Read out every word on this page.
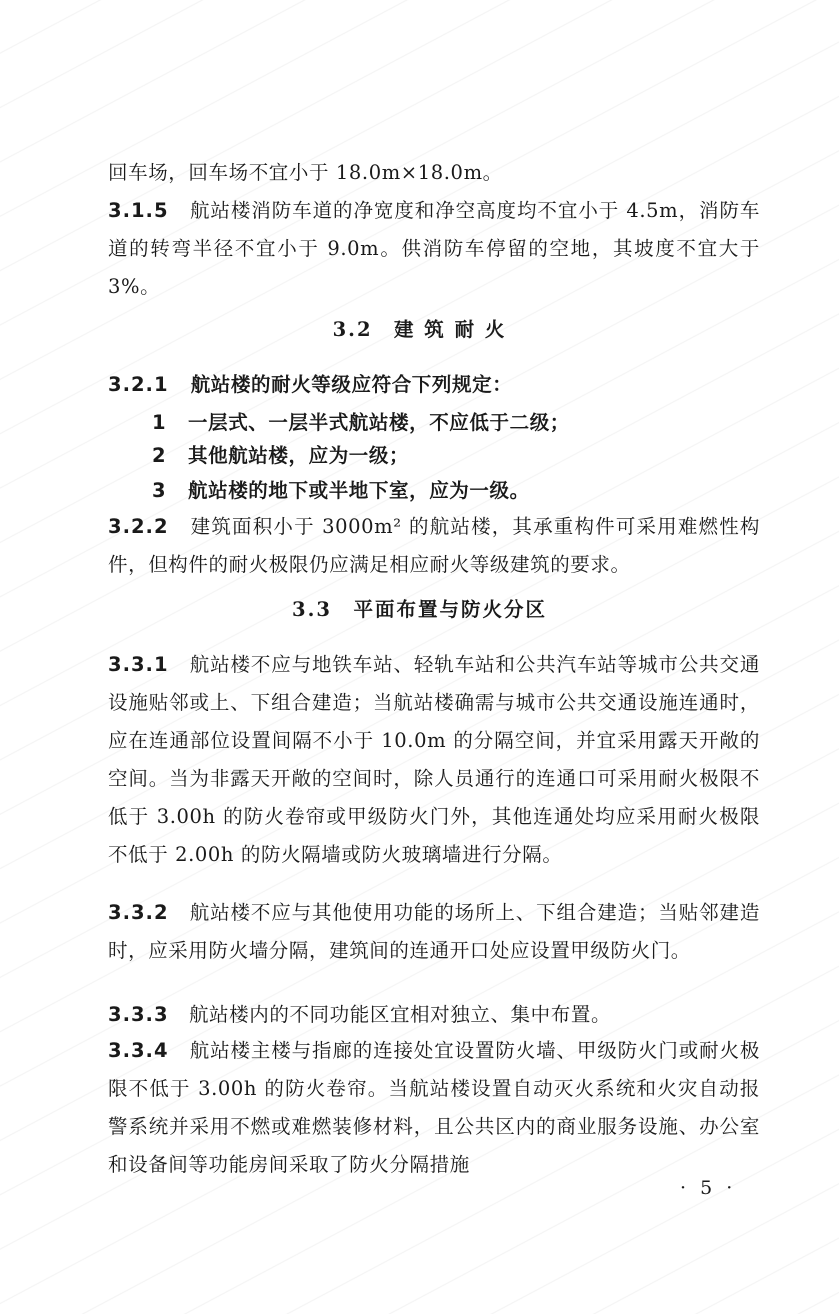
回车场，回车场不宜小于 18.0m×18.0m。

3.1.5 航站楼消防车道的净宽度和净空高度均不宜小于 4.5m，消防车道的转弯半径不宜小于 9.0m。供消防车停留的空地，其坡度不宜大于 3%。

3.2　建 筑 耐 火

3.2.1 航站楼的耐火等级应符合下列规定：

1 一层式、一层半式航站楼，不应低于二级；

2 其他航站楼，应为一级；

3 航站楼的地下或半地下室，应为一级。

3.2.2 建筑面积小于 3000m² 的航站楼，其承重构件可采用难燃性构件，但构件的耐火极限仍应满足相应耐火等级建筑的要求。

3.3　平面布置与防火分区

3.3.1 航站楼不应与地铁车站、轻轨车站和公共汽车站等城市公共交通设施贴邻或上、下组合建造；当航站楼确需与城市公共交通设施连通时，应在连通部位设置间隔不小于 10.0m 的分隔空间，并宜采用露天开敞的空间。当为非露天开敞的空间时，除人员通行的连通口可采用耐火极限不低于 3.00h 的防火卷帘或甲级防火门外，其他连通处均应采用耐火极限不低于 2.00h 的防火隔墙或防火玻璃墙进行分隔。

3.3.2 航站楼不应与其他使用功能的场所上、下组合建造；当贴邻建造时，应采用防火墙分隔，建筑间的连通开口处应设置甲级防火门。

3.3.3 航站楼内的不同功能区宜相对独立、集中布置。

3.3.4 航站楼主楼与指廊的连接处宜设置防火墙、甲级防火门或耐火极限不低于 3.00h 的防火卷帘。当航站楼设置自动灭火系统和火灾自动报警系统并采用不燃或难燃装修材料，且公共区内的商业服务设施、办公室和设备间等功能房间采取了防火分隔措施

· 5 ·
